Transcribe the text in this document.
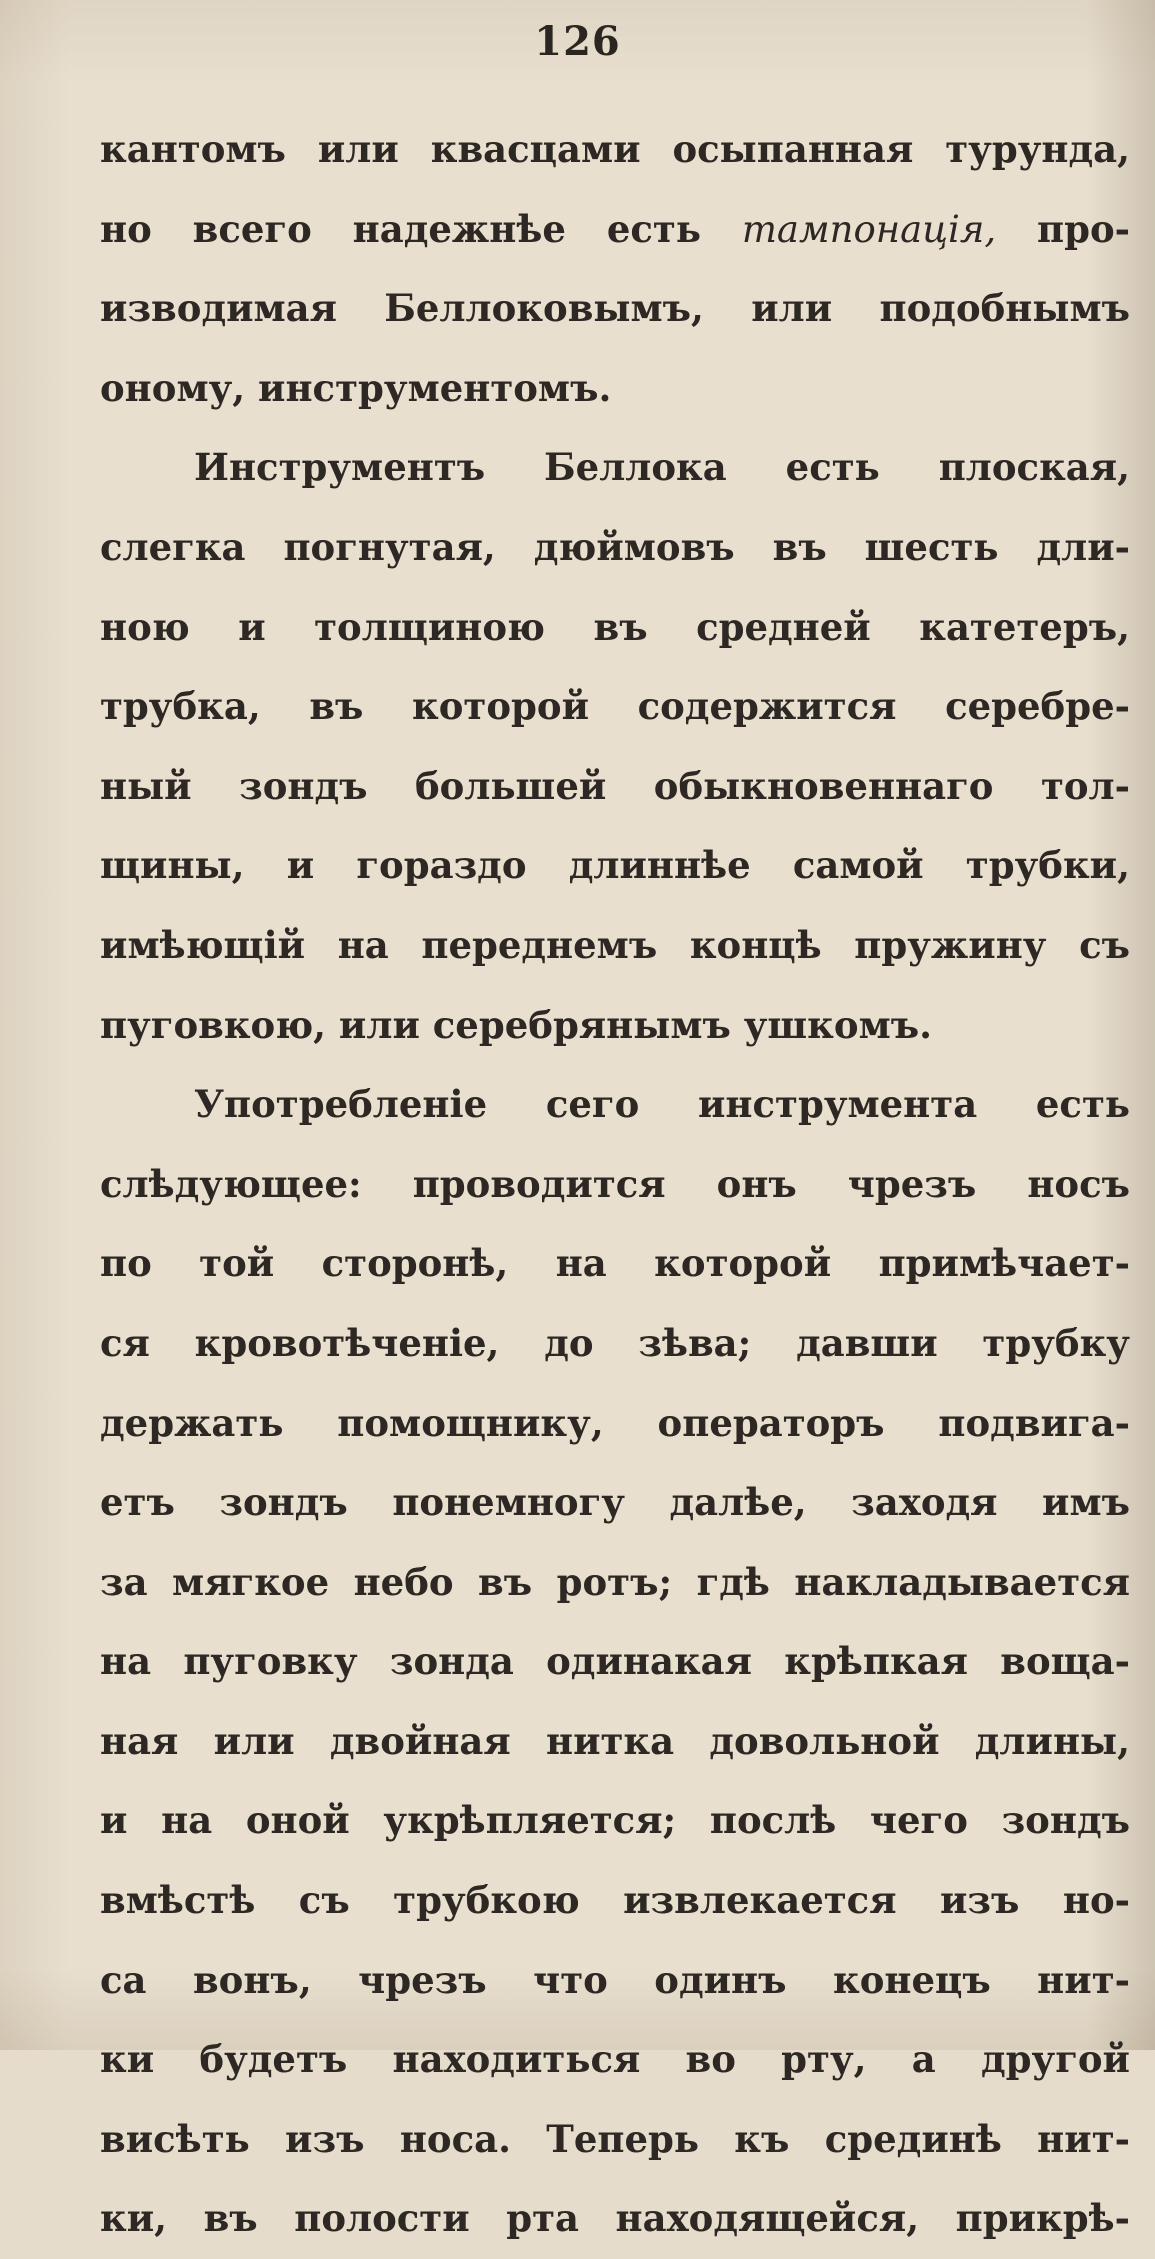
126
кантомъ или квасцами осыпанная турунда,
но всего надежнѣе есть тампонація, про-
изводимая Беллоковымъ, или подобнымъ
оному, инструментомъ.
Инструментъ Беллока есть плоская,
слегка погнутая, дюймовъ въ шесть дли-
ною и толщиною въ средней катетеръ,
трубка, въ которой содержится серебре-
ный зондъ большей обыкновеннаго тол-
щины, и гораздо длиннѣе самой трубки,
имѣющій на переднемъ концѣ пружину съ
пуговкою, или серебрянымъ ушкомъ.
Употребленіе сего инструмента есть
слѣдующее: проводится онъ чрезъ носъ
по той сторонѣ, на которой примѣчает-
ся кровотѣченіе, до зѣва; давши трубку
держать помощнику, операторъ подвига-
етъ зондъ понемногу далѣе, заходя имъ
за мягкое небо въ ротъ; гдѣ накладывается
на пуговку зонда одинакая крѣпкая воща-
ная или двойная нитка довольной длины,
и на оной укрѣпляется; послѣ чего зондъ
вмѣстѣ съ трубкою извлекается изъ но-
са вонъ, чрезъ что одинъ конецъ нит-
ки будетъ находиться во рту, а другой
висѣть изъ носа. Теперь къ срединѣ нит-
ки, въ полости рта находящейся, прикрѣ-
